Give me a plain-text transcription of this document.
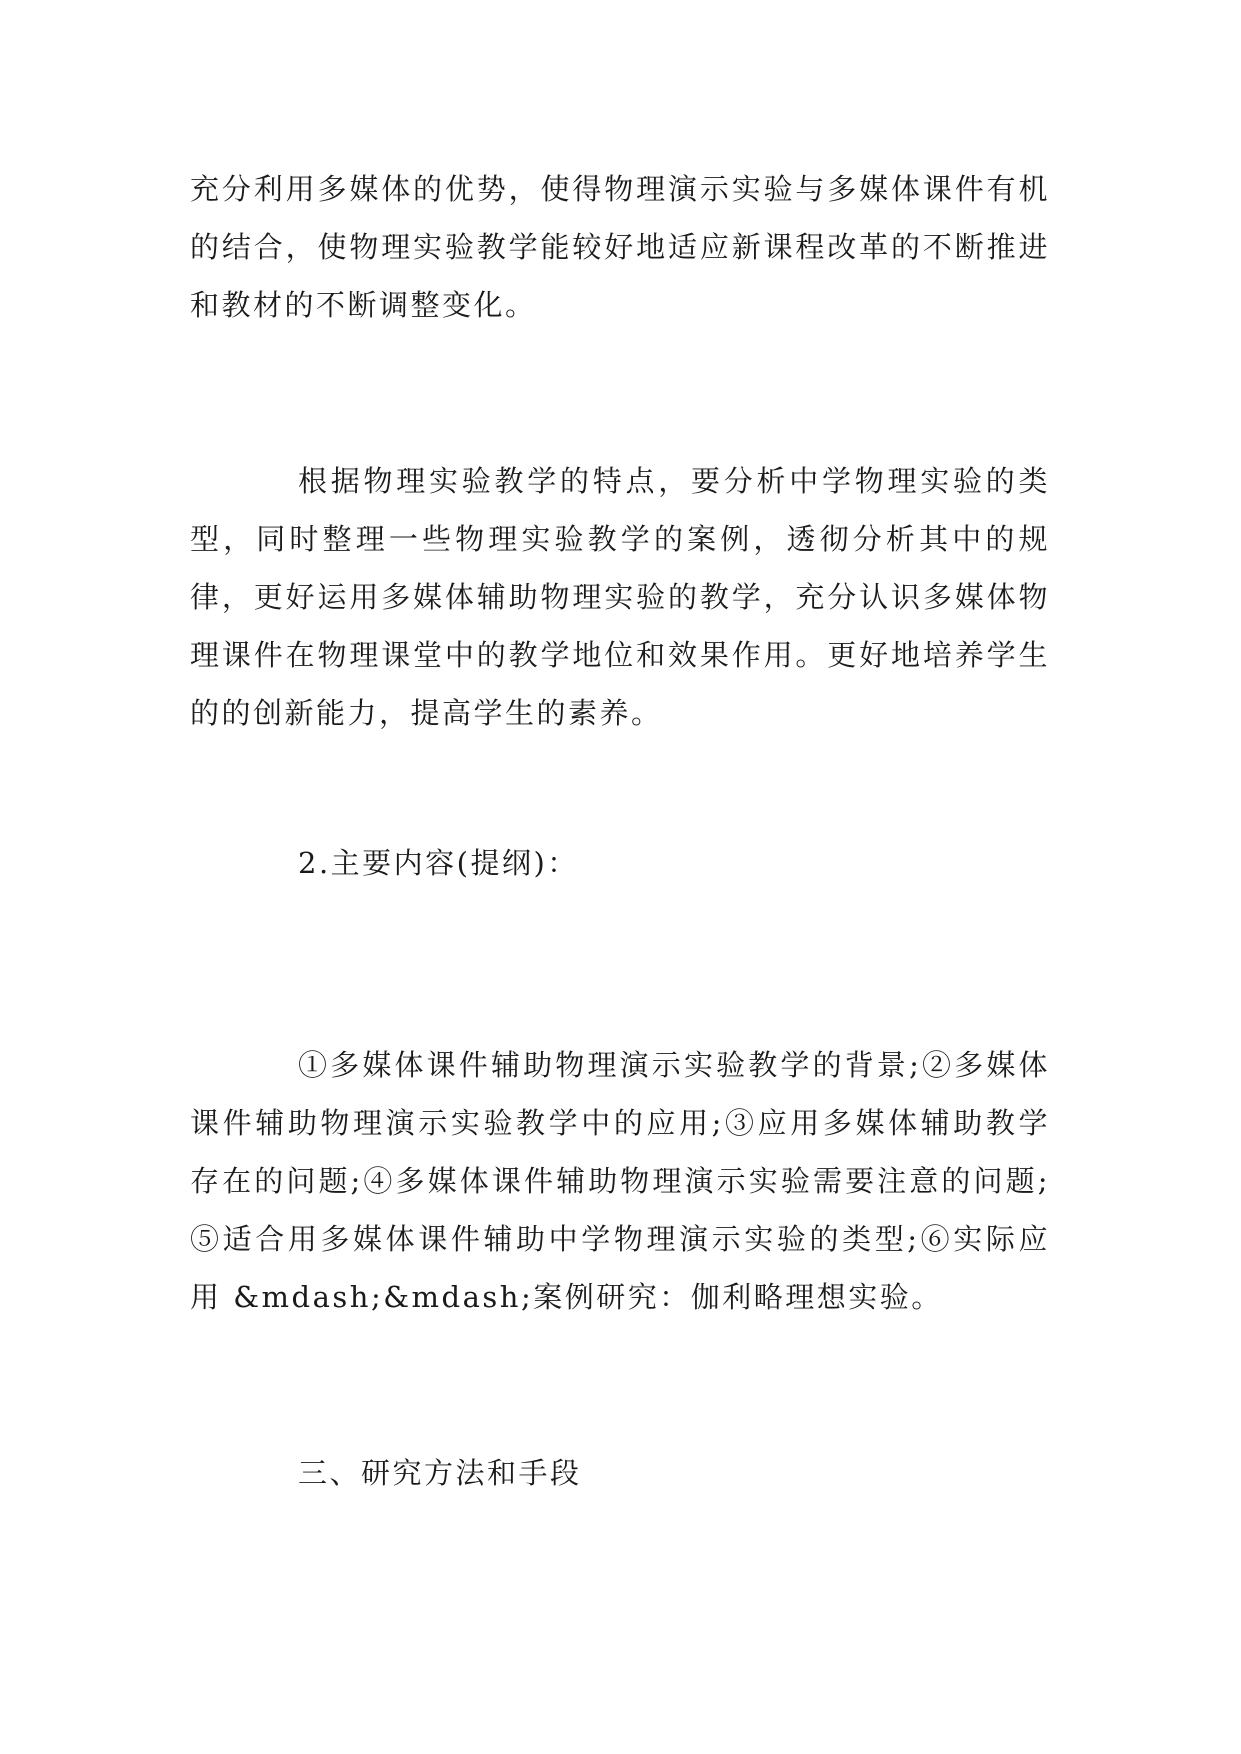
充分利用多媒体的优势，使得物理演示实验与多媒体课件有机的结合，使物理实验教学能较好地适应新课程改革的不断推进和教材的不断调整变化。

根据物理实验教学的特点，要分析中学物理实验的类型，同时整理一些物理实验教学的案例，透彻分析其中的规律，更好运用多媒体辅助物理实验的教学，充分认识多媒体物理课件在物理课堂中的教学地位和效果作用。更好地培养学生的的创新能力，提高学生的素养。

2.主要内容(提纲)：

①多媒体课件辅助物理演示实验教学的背景;②多媒体课件辅助物理演示实验教学中的应用;③应用多媒体辅助教学存在的问题;④多媒体课件辅助物理演示实验需要注意的问题;⑤适合用多媒体课件辅助中学物理演示实验的类型;⑥实际应用 &mdash;&mdash;案例研究：伽利略理想实验。

三、研究方法和手段
